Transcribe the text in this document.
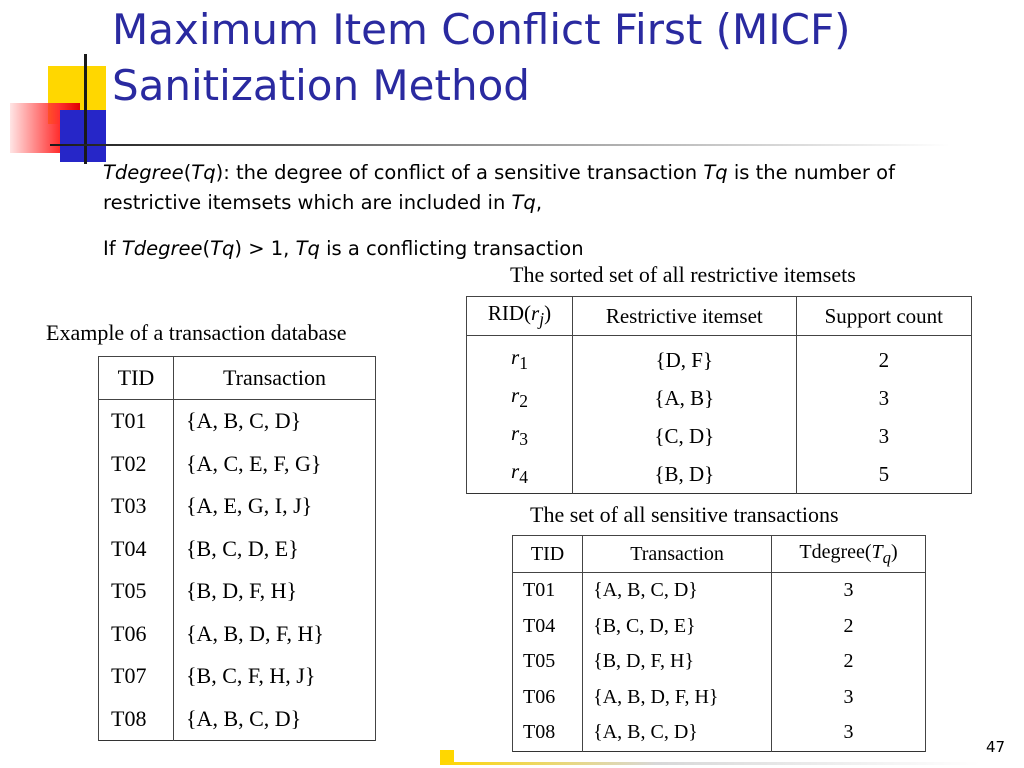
Maximum Item Conflict First (MICF)
Sanitization Method

Tdegree(Tq): the degree of conflict of a sensitive transaction Tq is the number of restrictive itemsets which are included in Tq,

If Tdegree(Tq) > 1, Tq is a conflicting transaction

Example of a transaction database
The sorted set of all restrictive itemsets
The set of all sensitive transactions
TID	Transaction
T01	{A, B, C, D}
T02	{A, C, E, F, G}
T03	{A, E, G, I, J}
T04	{B, C, D, E}
T05	{B, D, F, H}
T06	{A, B, D, F, H}
T07	{B, C, F, H, J}
T08	{A, B, C, D}
$RID(r_j)$	Restrictive itemset	Support count
$r_1$	{D, F}	2
$r_2$	{A, B}	3
$r_3$	{C, D}	3
$r_4$	{B, D}	5
TID	Transaction	$Tdegree(T_q)$
T01	{A, B, C, D}	3
T04	{B, C, D, E}	2
T05	{B, D, F, H}	2
T06	{A, B, D, F, H}	3
T08	{A, B, C, D}	3
47
